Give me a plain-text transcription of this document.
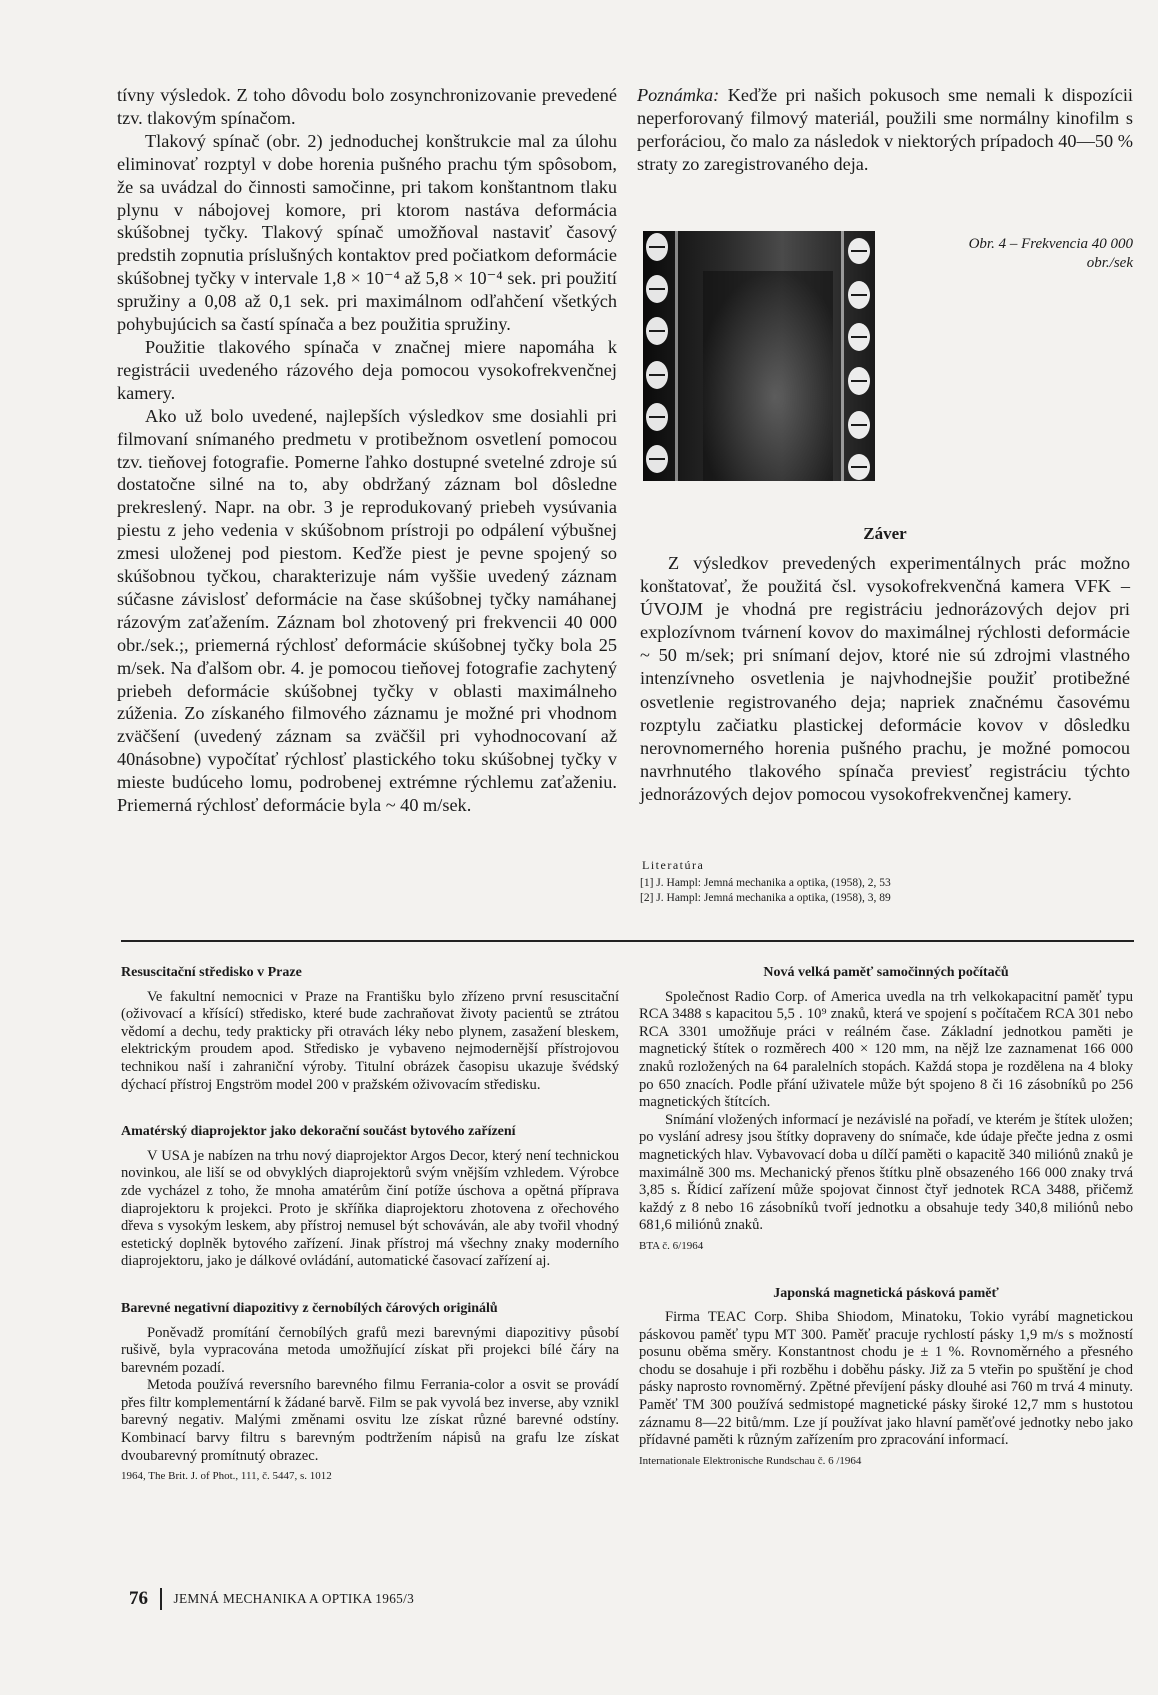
tívny výsledok. Z toho dôvodu bolo zosynchronizovanie prevedené tzv. tlakovým spínačom.

Tlakový spínač (obr. 2) jednoduchej konštrukcie mal za úlohu eliminovať rozptyl v dobe horenia pušného prachu tým spôsobom, že sa uvádzal do činnosti samočinne, pri takom konštantnom tlaku plynu v nábojovej komore, pri ktorom nastáva deformácia skúšobnej tyčky. Tlakový spínač umožňoval nastaviť časový predstih zopnutia príslušných kontaktov pred počiatkom deformácie skúšobnej tyčky v intervale 1,8 × 10⁻⁴ až 5,8 × 10⁻⁴ sek. pri použití spružiny a 0,08 až 0,1 sek. pri maximálnom odľahčení všetkých pohybujúcich sa častí spínača a bez použitia spružiny.

Použitie tlakového spínača v značnej miere napomáha k registrácii uvedeného rázového deja pomocou vysokofrekvenčnej kamery.

Ako už bolo uvedené, najlepších výsledkov sme dosiahli pri filmovaní snímaného predmetu v protibežnom osvetlení pomocou tzv. tieňovej fotografie. Pomerne ľahko dostupné svetelné zdroje sú dostatočne silné na to, aby obdržaný záznam bol dôsledne prekreslený. Napr. na obr. 3 je reprodukovaný priebeh vysúvania piestu z jeho vedenia v skúšobnom prístroji po odpálení výbušnej zmesi uloženej pod piestom. Keďže piest je pevne spojený so skúšobnou tyčkou, charakterizuje nám vyššie uvedený záznam súčasne závislosť deformácie na čase skúšobnej tyčky namáhanej rázovým zaťažením. Záznam bol zhotovený pri frekvencii 40 000 obr./sek.;, priemerná rýchlosť deformácie skúšobnej tyčky bola 25 m/sek. Na ďalšom obr. 4. je pomocou tieňovej fotografie zachytený priebeh deformácie skúšobnej tyčky v oblasti maximálneho zúženia. Zo získaného filmového záznamu je možné pri vhodnom zväčšení (uvedený záznam sa zväčšil pri vyhodnocovaní až 40násobne) vypočítať rýchlosť plastického toku skúšobnej tyčky v mieste budúceho lomu, podrobenej extrémne rýchlemu zaťaženiu. Priemerná rýchlosť deformácie byla ~ 40 m/sek.

Poznámka: Keďže pri našich pokusoch sme nemali k dispozícii neperforovaný filmový materiál, použili sme normálny kinofilm s perforáciou, čo malo za následok v niektorých prípadoch 40—50 % straty zo zaregistrovaného deja.

Obr. 4 – Frekvencia 40 000
obr./sek
Záver

Z výsledkov prevedených experimentálnych prác možno konštatovať, že použitá čsl. vysokofrekvenčná kamera VFK – ÚVOJM je vhodná pre registráciu jednorázových dejov pri explozívnom tvárnení kovov do maximálnej rýchlosti deformácie ~ 50 m/sek; pri snímaní dejov, ktoré nie sú zdrojmi vlastného intenzívneho osvetlenia je najvhodnejšie použiť protibežné osvetlenie registrovaného deja; napriek značnému časovému rozptylu začiatku plastickej deformácie kovov v dôsledku nerovnomerného horenia pušného prachu, je možné pomocou navrhnutého tlakového spínača previesť registráciu týchto jednorázových dejov pomocou vysokofrekvenčnej kamery.

Literatúra
[1] J. Hampl: Jemná mechanika a optika, (1958), 2, 53
[2] J. Hampl: Jemná mechanika a optika, (1958), 3, 89
Resuscitační středisko v Praze

Ve fakultní nemocnici v Praze na Františku bylo zřízeno první resuscitační (oživovací a křísící) středisko, které bude zachraňovat životy pacientů se ztrátou vědomí a dechu, tedy prakticky při otravách léky nebo plynem, zasažení bleskem, elektrickým proudem apod. Středisko je vybaveno nejmodernější přístrojovou technikou naší i zahraniční výroby. Titulní obrázek časopisu ukazuje švédský dýchací přístroj Engström model 200 v pražském oživovacím středisku.

Amatérský diaprojektor jako dekorační součást bytového zařízení

V USA je nabízen na trhu nový diaprojektor Argos Decor, který není technickou novinkou, ale liší se od obvyklých diaprojektorů svým vnějším vzhledem. Výrobce zde vycházel z toho, že mnoha amatérům činí potíže úschova a opětná příprava diaprojektoru k projekci. Proto je skříňka diaprojektoru zhotovena z ořechového dřeva s vysokým leskem, aby přístroj nemusel být schováván, ale aby tvořil vhodný estetický doplněk bytového zařízení. Jinak přístroj má všechny znaky moderního diaprojektoru, jako je dálkové ovládání, automatické časovací zařízení aj.

Barevné negativní diapozitivy z černobílých čárových originálů

Poněvadž promítání černobílých grafů mezi barevnými diapozitivy působí rušivě, byla vypracována metoda umožňující získat při projekci bílé čáry na barevném pozadí.

Metoda používá reversního barevného filmu Ferrania-color a osvit se provádí přes filtr komplementární k žádané barvě. Film se pak vyvolá bez inverse, aby vznikl barevný negativ. Malými změnami osvitu lze získat různé barevné odstíny. Kombinací barvy filtru s barevným podtržením nápisů na grafu lze získat dvoubarevný promítnutý obrazec.

1964, The Brit. J. of Phot., 111, č. 5447, s. 1012
Nová velká paměť samočinných počítačů

Společnost Radio Corp. of America uvedla na trh velkokapacitní paměť typu RCA 3488 s kapacitou 5,5 . 10⁹ znaků, která ve spojení s počítačem RCA 301 nebo RCA 3301 umožňuje práci v reálném čase. Základní jednotkou paměti je magnetický štítek o rozměrech 400 × 120 mm, na nějž lze zaznamenat 166 000 znaků rozložených na 64 paralelních stopách. Každá stopa je rozdělena na 4 bloky po 650 znacích. Podle přání uživatele může být spojeno 8 či 16 zásobníků po 256 magnetických štítcích.

Snímání vložených informací je nezávislé na pořadí, ve kterém je štítek uložen; po vyslání adresy jsou štítky dopraveny do snímače, kde údaje přečte jedna z osmi magnetických hlav. Vybavovací doba u dílčí paměti o kapacitě 340 miliónů znaků je maximálně 300 ms. Mechanický přenos štítku plně obsazeného 166 000 znaky trvá 3,85 s. Řídicí zařízení může spojovat činnost čtyř jednotek RCA 3488, přičemž každý z 8 nebo 16 zásobníků tvoří jednotku a obsahuje tedy 340,8 miliónů nebo 681,6 miliónů znaků.

BTA č. 6/1964
Japonská magnetická pásková paměť

Firma TEAC Corp. Shiba Shiodom, Minatoku, Tokio vyrábí magnetickou páskovou paměť typu MT 300. Paměť pracuje rychlostí pásky 1,9 m/s s možností posunu oběma směry. Konstantnost chodu je ± 1 %. Rovnoměrného a přesného chodu se dosahuje i při rozběhu i doběhu pásky. Již za 5 vteřin po spuštění je chod pásky naprosto rovnoměrný. Zpětné převíjení pásky dlouhé asi 760 m trvá 4 minuty. Paměť TM 300 používá sedmistopé magnetické pásky široké 12,7 mm s hustotou záznamu 8—22 bitů/mm. Lze jí používat jako hlavní paměťové jednotky nebo jako přídavné paměti k různým zařízením pro zpracování informací.

Internationale Elektronische Rundschau č. 6 /1964
76 JEMNÁ MECHANIKA A OPTIKA 1965/3
